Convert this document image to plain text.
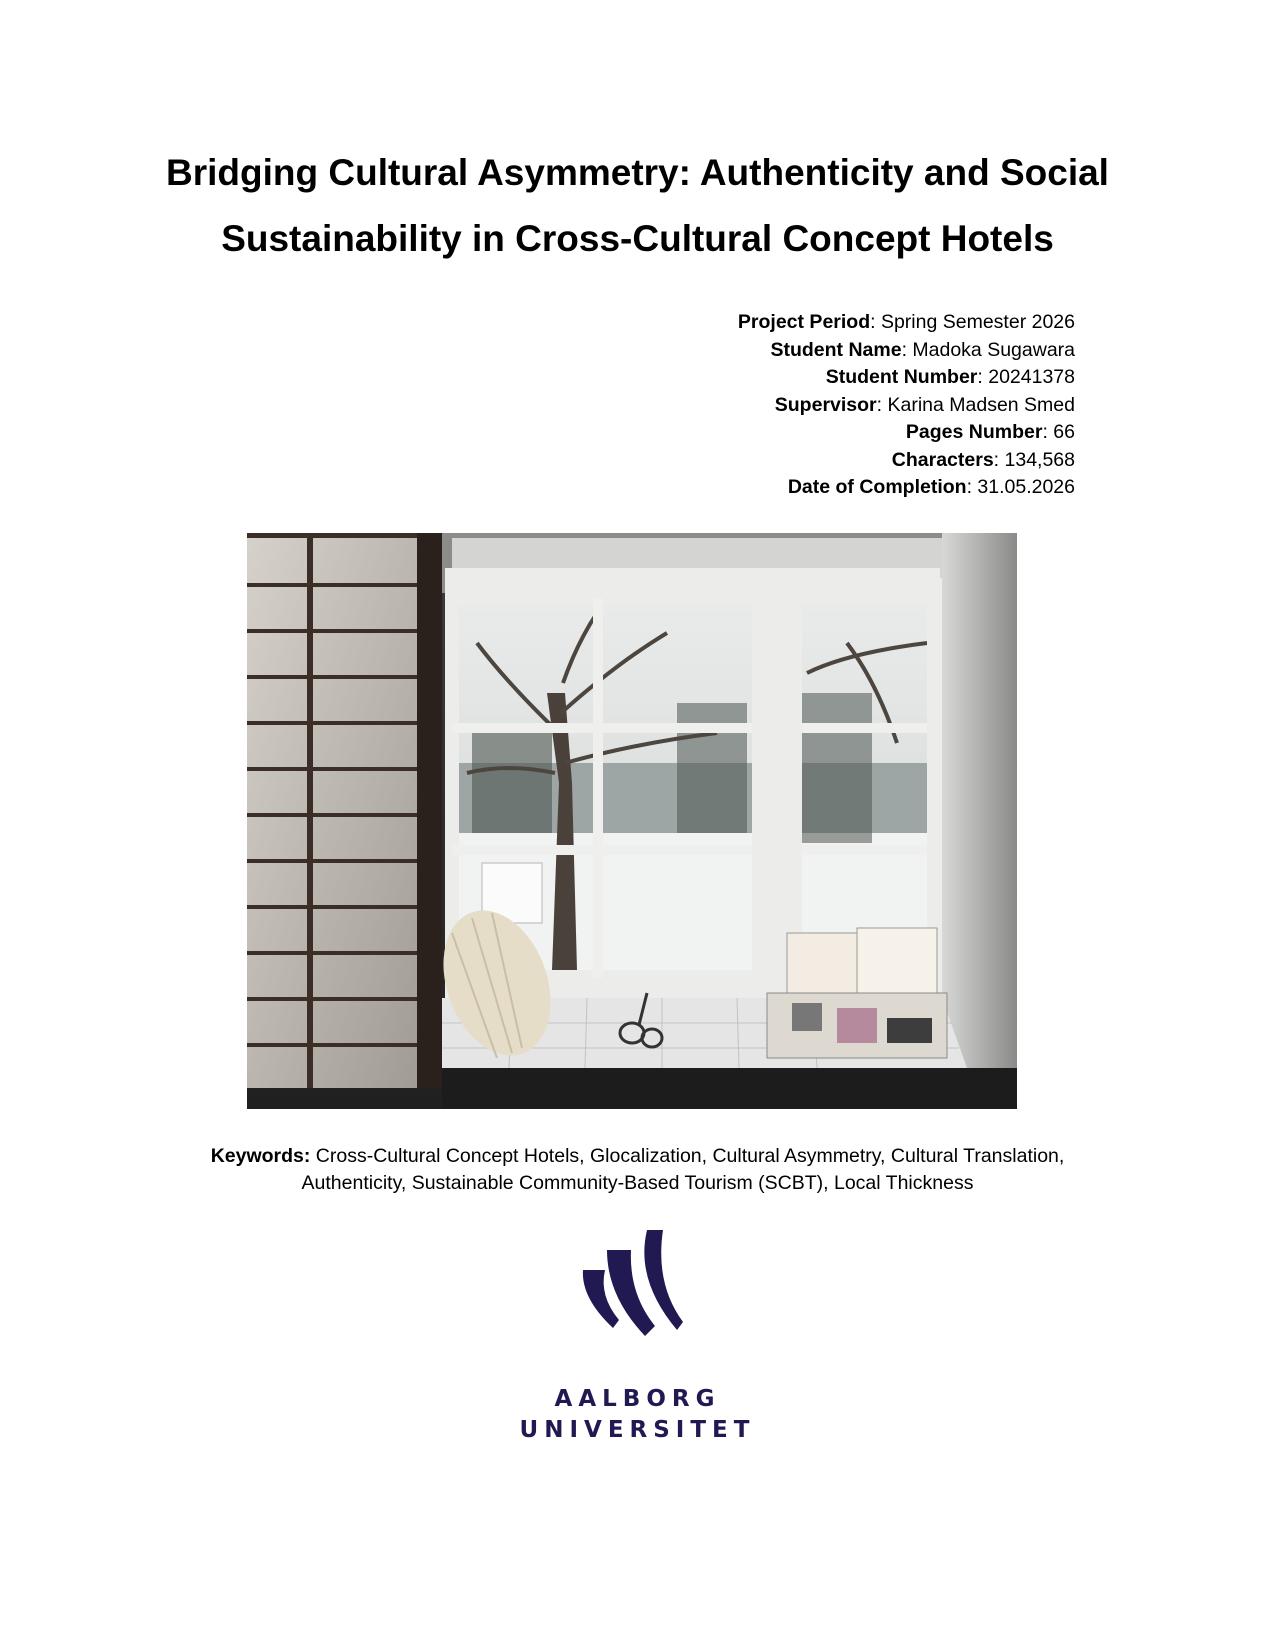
Bridging Cultural Asymmetry: Authenticity and Social
Sustainability in Cross-Cultural Concept Hotels
Project Period: Spring Semester 2026
Student Name: Madoka Sugawara
Student Number: 20241378
Supervisor: Karina Madsen Smed
Pages Number: 66
Characters: 134,568
Date of Completion: 31.05.2026
Keywords: Cross-Cultural Concept Hotels, Glocalization, Cultural Asymmetry, Cultural Translation,
Authenticity, Sustainable Community-Based Tourism (SCBT), Local Thickness
AALBORG
UNIVERSITET
